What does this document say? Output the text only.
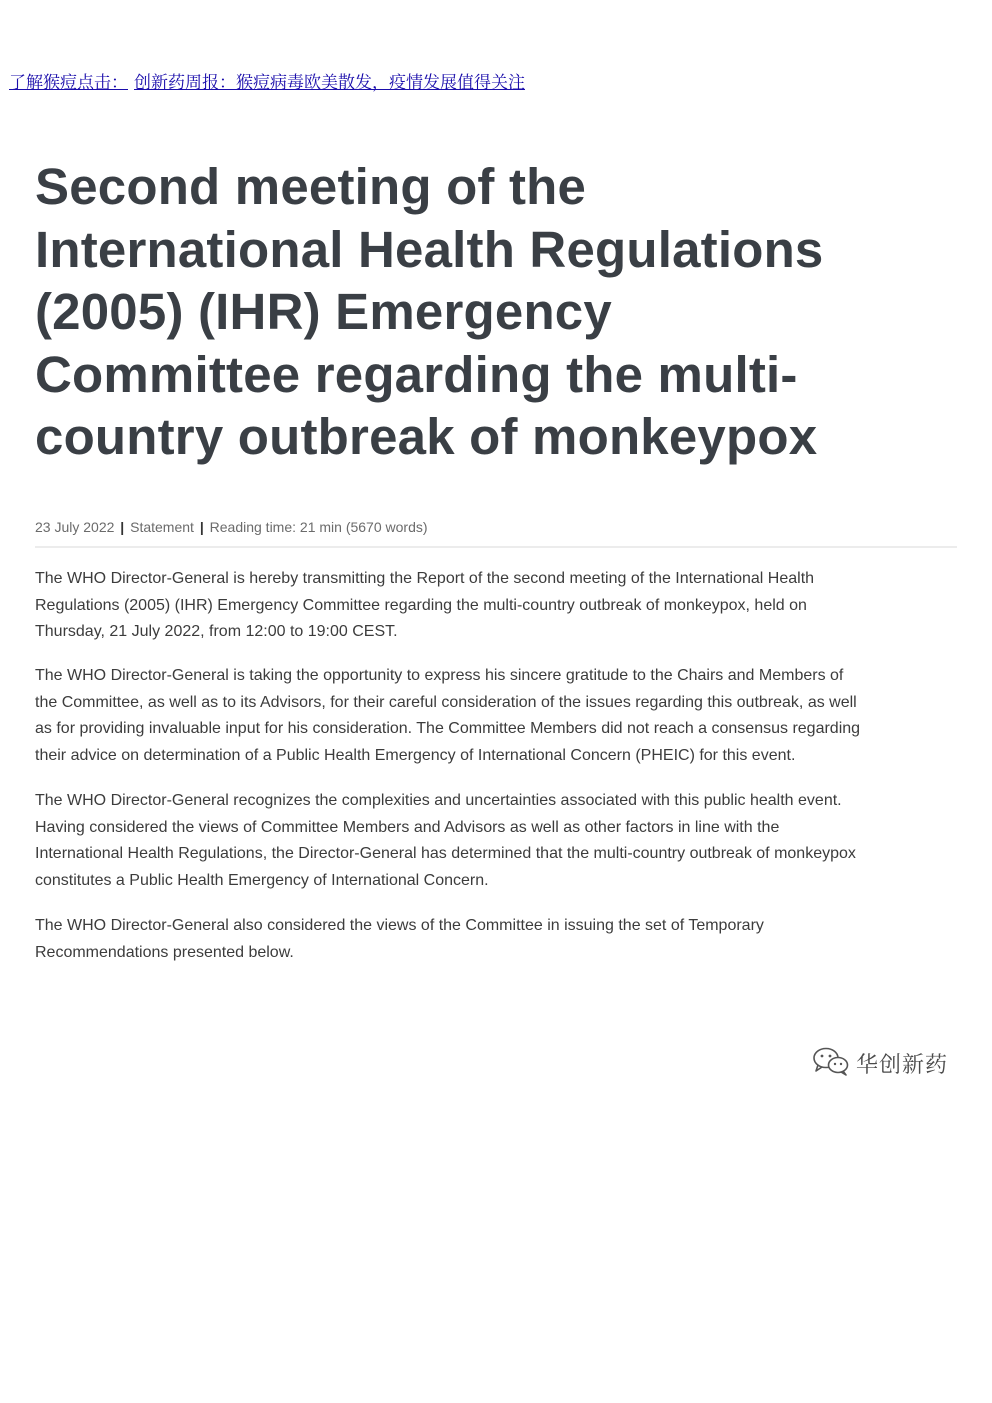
了解猴痘点击： 创新药周报：猴痘病毒欧美散发，疫情发展值得关注
Second meeting of the
International Health Regulations
(2005) (IHR) Emergency
Committee regarding the multi-
country outbreak of monkeypox
23 July 2022 | Statement | Reading time: 21 min (5670 words)

The WHO Director-General is hereby transmitting the Report of the second meeting of the International Health
Regulations (2005) (IHR) Emergency Committee regarding the multi-country outbreak of monkeypox, held on
Thursday, 21 July 2022, from 12:00 to 19:00 CEST.

The WHO Director-General is taking the opportunity to express his sincere gratitude to the Chairs and Members of
the Committee, as well as to its Advisors, for their careful consideration of the issues regarding this outbreak, as well
as for providing invaluable input for his consideration. The Committee Members did not reach a consensus regarding
their advice on determination of a Public Health Emergency of International Concern (PHEIC) for this event.

The WHO Director-General recognizes the complexities and uncertainties associated with this public health event.
Having considered the views of Committee Members and Advisors as well as other factors in line with the
International Health Regulations, the Director-General has determined that the multi-country outbreak of monkeypox
constitutes a Public Health Emergency of International Concern.

The WHO Director-General also considered the views of the Committee in issuing the set of Temporary
Recommendations presented below.

华创新药
